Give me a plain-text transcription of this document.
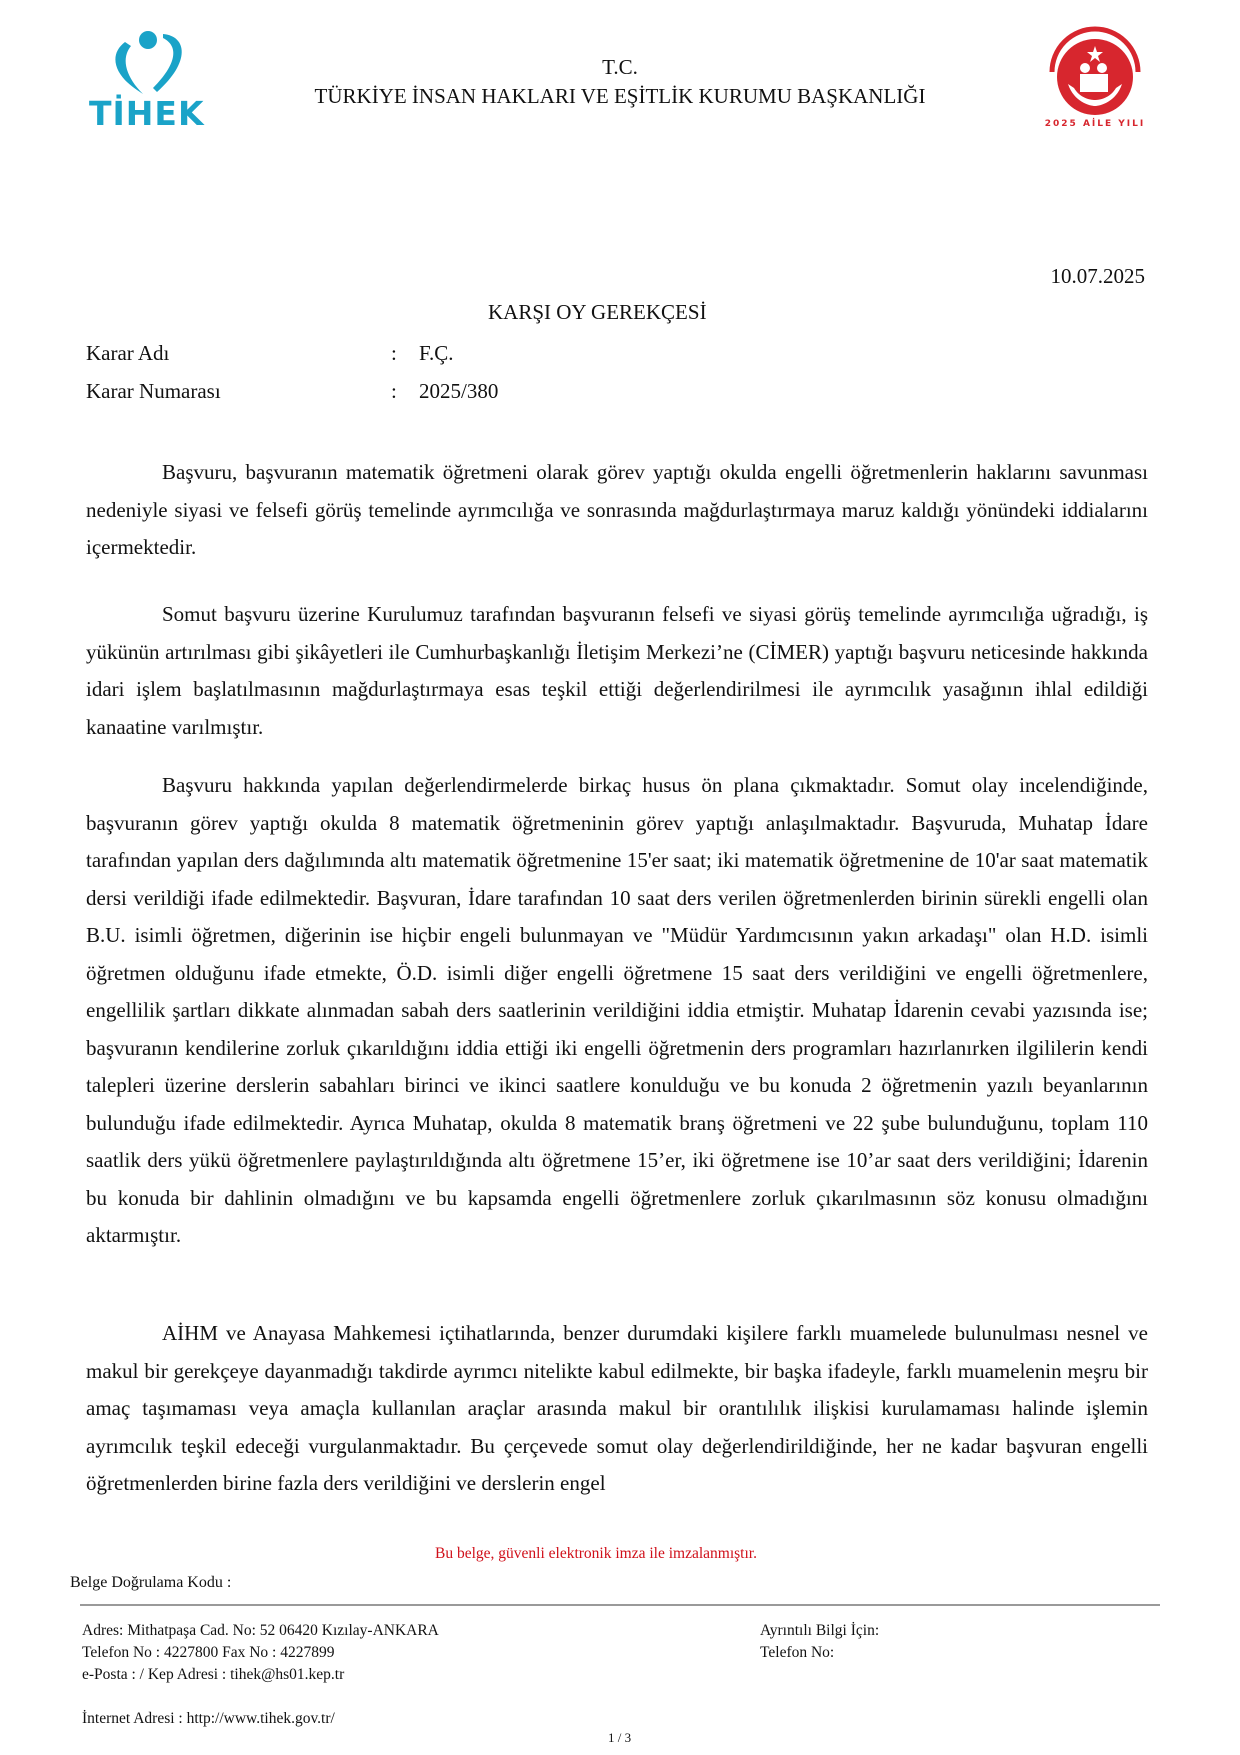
TİHEK	2025 AİLE YILI
T.C.
TÜRKİYE İNSAN HAKLARI VE EŞİTLİK KURUMU BAŞKANLIĞI
10.07.2025
KARŞI OY GEREKÇESİ
Karar Adı	: F.Ç.
Karar Numarası	: 2025/380

Başvuru, başvuranın matematik öğretmeni olarak görev yaptığı okulda engelli öğretmenlerin haklarını savunması nedeniyle siyasi ve felsefi görüş temelinde ayrımcılığa ve sonrasında mağdurlaştırmaya maruz kaldığı yönündeki iddialarını içermektedir.

Somut başvuru üzerine Kurulumuz tarafından başvuranın felsefi ve siyasi görüş temelinde ayrımcılığa uğradığı, iş yükünün artırılması gibi şikâyetleri ile Cumhurbaşkanlığı İletişim Merkezi’ne (CİMER) yaptığı başvuru neticesinde hakkında idari işlem başlatılmasının mağdurlaştırmaya esas teşkil ettiği değerlendirilmesi ile ayrımcılık yasağının ihlal edildiği kanaatine varılmıştır.

Başvuru hakkında yapılan değerlendirmelerde birkaç husus ön plana çıkmaktadır. Somut olay incelendiğinde, başvuranın görev yaptığı okulda 8 matematik öğretmeninin görev yaptığı anlaşılmaktadır. Başvuruda, Muhatap İdare tarafından yapılan ders dağılımında altı matematik öğretmenine 15'er saat; iki matematik öğretmenine de 10'ar saat matematik dersi verildiği ifade edilmektedir. Başvuran, İdare tarafından 10 saat ders verilen öğretmenlerden birinin sürekli engelli olan B.U. isimli öğretmen, diğerinin ise hiçbir engeli bulunmayan ve "Müdür Yardımcısının yakın arkadaşı" olan H.D. isimli öğretmen olduğunu ifade etmekte, Ö.D. isimli diğer engelli öğretmene 15 saat ders verildiğini ve engelli öğretmenlere, engellilik şartları dikkate alınmadan sabah ders saatlerinin verildiğini iddia etmiştir. Muhatap İdarenin cevabi yazısında ise; başvuranın kendilerine zorluk çıkarıldığını iddia ettiği iki engelli öğretmenin ders programları hazırlanırken ilgililerin kendi talepleri üzerine derslerin sabahları birinci ve ikinci saatlere konulduğu ve bu konuda 2 öğretmenin yazılı beyanlarının bulunduğu ifade edilmektedir. Ayrıca Muhatap, okulda 8 matematik branş öğretmeni ve 22 şube bulunduğunu, toplam 110 saatlik ders yükü öğretmenlere paylaştırıldığında altı öğretmene 15’er, iki öğretmene ise 10’ar saat ders verildiğini; İdarenin bu konuda bir dahlinin olmadığını ve bu kapsamda engelli öğretmenlere zorluk çıkarılmasının söz konusu olmadığını aktarmıştır.

AİHM ve Anayasa Mahkemesi içtihatlarında, benzer durumdaki kişilere farklı muamelede bulunulması nesnel ve makul bir gerekçeye dayanmadığı takdirde ayrımcı nitelikte kabul edilmekte, bir başka ifadeyle, farklı muamelenin meşru bir amaç taşımaması veya amaçla kullanılan araçlar arasında makul bir orantılılık ilişkisi kurulamaması halinde işlemin ayrımcılık teşkil edeceği vurgulanmaktadır. Bu çerçevede somut olay değerlendirildiğinde, her ne kadar başvuran engelli öğretmenlerden birine fazla ders verildiğini ve derslerin engel

Bu belge, güvenli elektronik imza ile imzalanmıştır.
Belge Doğrulama Kodu :
Adres: Mithatpaşa Cad. No: 52 06420 Kızılay-ANKARA
Telefon No : 4227800 Fax No : 4227899
e-Posta : / Kep Adresi : tihek@hs01.kep.tr
Ayrıntılı Bilgi İçin:
Telefon No:
İnternet Adresi : http://www.tihek.gov.tr/
1 / 3
